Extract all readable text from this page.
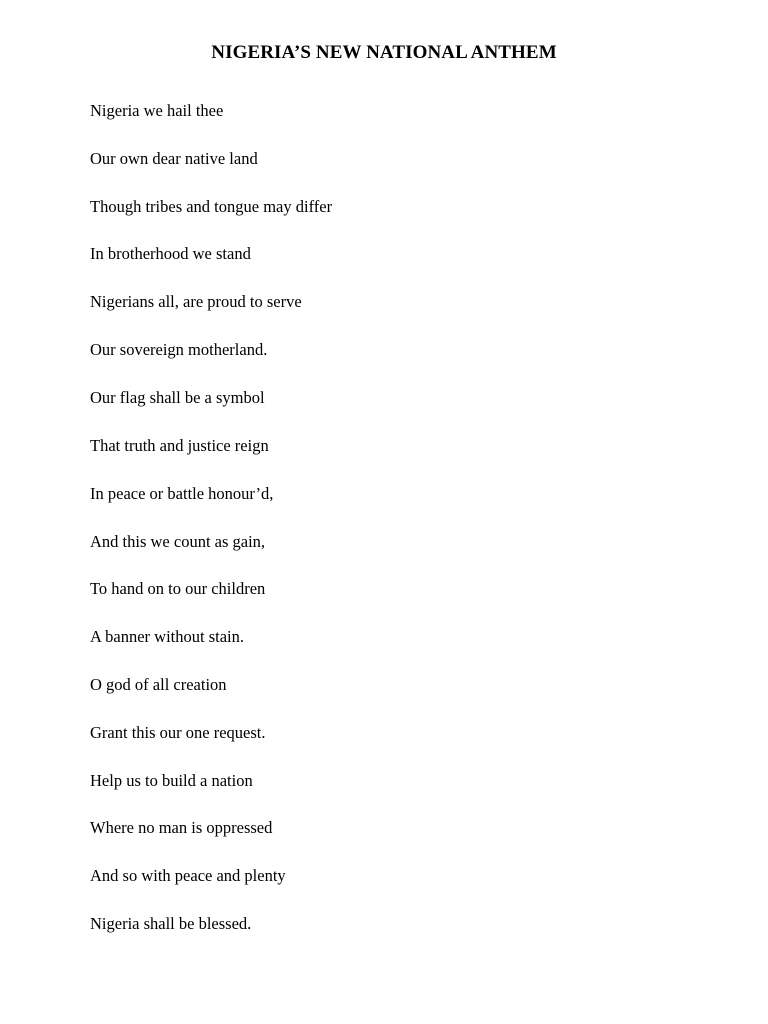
NIGERIA’S NEW NATIONAL ANTHEM
Nigeria we hail thee
Our own dear native land
Though tribes and tongue may differ
In brotherhood we stand
Nigerians all, are proud to serve
Our sovereign motherland.
Our flag shall be a symbol
That truth and justice reign
In peace or battle honour’d,
And this we count as gain,
To hand on to our children
A banner without stain.
O god of all creation
Grant this our one request.
Help us to build a nation
Where no man is oppressed
And so with peace and plenty
Nigeria shall be blessed.
